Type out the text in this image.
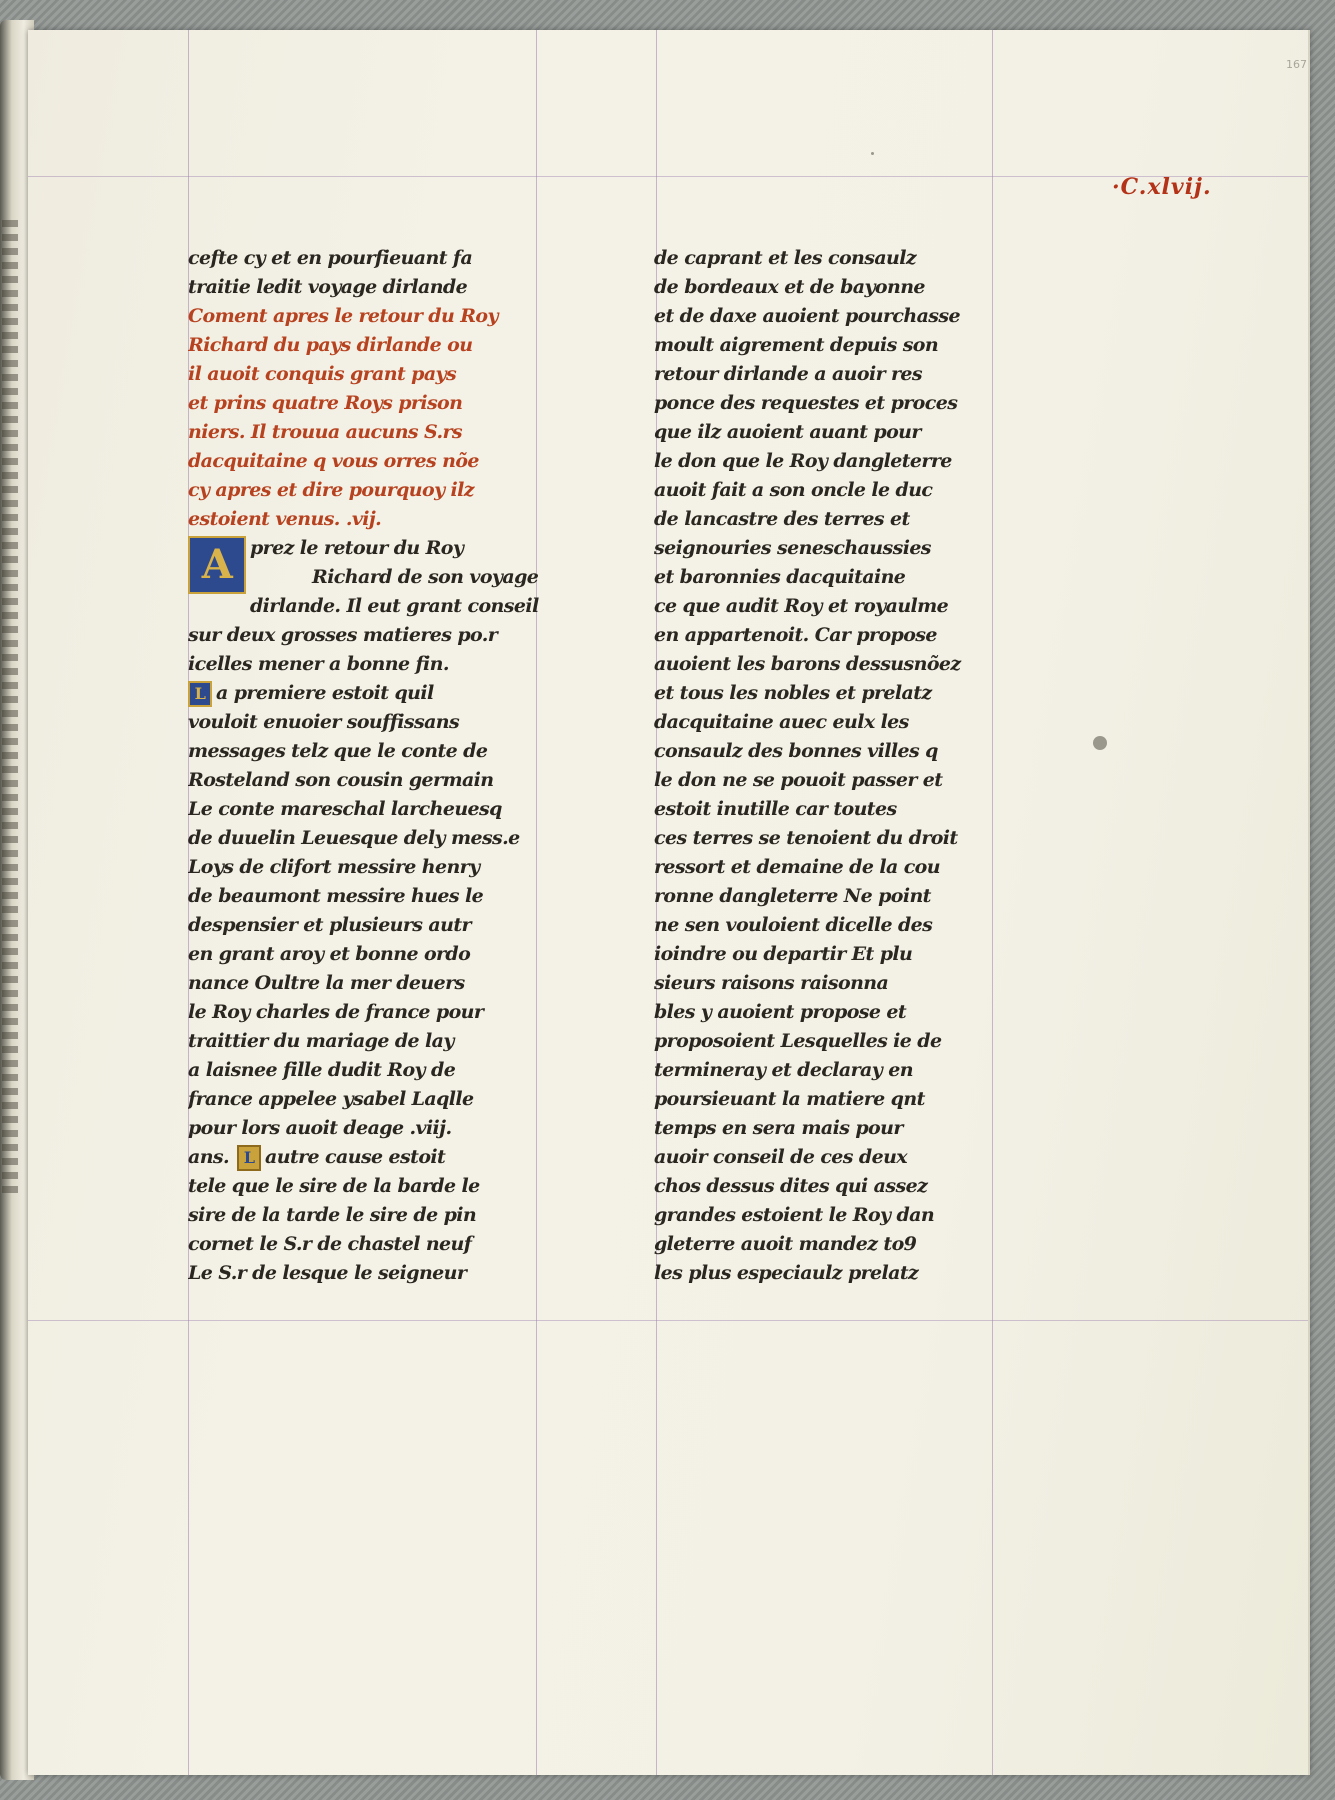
167
·C.xlvij.
cefte cy et en pourfieuant fa
traitie ledit voyage dirlande
Coment apres le retour du Roy
Richard du pays dirlande ou
il auoit conquis grant pays
et prins quatre Roys prison
niers. Il trouua aucuns S.rs
dacquitaine q vous orres nõe
cy apres et dire pourquoy ilz
estoient venus. .vij.
A prez le retour du Roy
Richard de son voyage
dirlande. Il eut grant conseil
sur deux grosses matieres po.r
icelles mener a bonne fin.
L a premiere estoit quil
vouloit enuoier souffissans
messages telz que le conte de
Rosteland son cousin germain
Le conte mareschal larcheuesq
de duuelin Leuesque dely mess.e
Loys de clifort messire henry
de beaumont messire hues le
despensier et plusieurs autr
en grant aroy et bonne ordo
nance Oultre la mer deuers
le Roy charles de france pour
traittier du mariage de lay
a laisnee fille dudit Roy de
france appelee ysabel Laqlle
pour lors auoit deage .viij.
ans. L autre cause estoit
tele que le sire de la barde le
sire de la tarde le sire de pin
cornet le S.r de chastel neuf
Le S.r de lesque le seigneur
de caprant et les consaulz
de bordeaux et de bayonne
et de daxe auoient pourchasse
moult aigrement depuis son
retour dirlande a auoir res
ponce des requestes et proces
que ilz auoient auant pour
le don que le Roy dangleterre
auoit fait a son oncle le duc
de lancastre des terres et
seignouries seneschaussies
et baronnies dacquitaine
ce que audit Roy et royaulme
en appartenoit. Car propose
auoient les barons dessusnõez
et tous les nobles et prelatz
dacquitaine auec eulx les
consaulz des bonnes villes q
le don ne se pouoit passer et
estoit inutille car toutes
ces terres se tenoient du droit
ressort et demaine de la cou
ronne dangleterre Ne point
ne sen vouloient dicelle des
ioindre ou departir Et plu
sieurs raisons raisonna
bles y auoient propose et
proposoient Lesquelles ie de
termineray et declaray en
poursieuant la matiere qnt
temps en sera mais pour
auoir conseil de ces deux
chos dessus dites qui assez
grandes estoient le Roy dan
gleterre auoit mandez to9
les plus especiaulz prelatz
